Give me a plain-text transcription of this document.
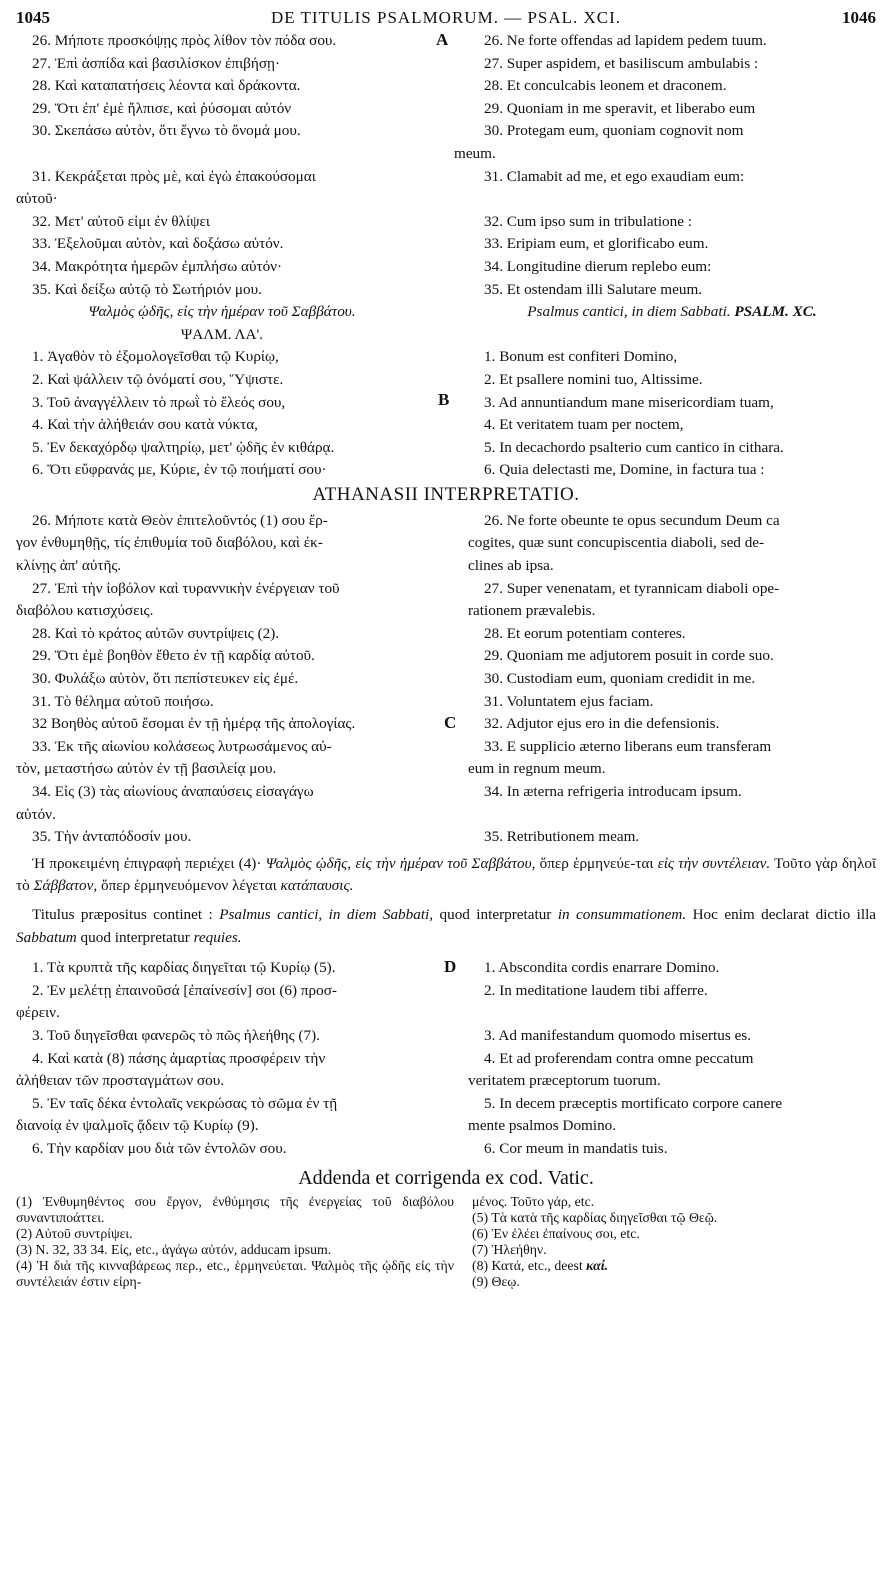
1045	DE TITULIS PSALMORUM. — PSAL. XCI.	1046
A
26. Μήποτε προσκόψῃς πρὸς λίθον τὸν πόδα σου.
27. Ἐπὶ ἀσπίδα καὶ βασιλίσκον ἐπιβήσῃ·
28. Καὶ καταπατήσεις λέοντα καὶ δράκοντα.
29. Ὅτι ἐπ' ἐμὲ ἤλπισε, καὶ ῥύσομαι αὐτόν
30. Σκεπάσω αὐτὸν, ὅτι ἔγνω τὸ ὄνομά μου.

31. Κεκράξεται πρὸς μὲ, καὶ ἐγὼ ἐπακούσομαι
αὐτοῦ·
32. Μετ' αὐτοῦ εἰμι ἐν θλίψει
33. Ἐξελοῦμαι αὐτὸν, καὶ δοξάσω αὐτόν.
34. Μακρότητα ἡμερῶν ἐμπλήσω αὐτόν·
35. Καὶ δείξω αὐτῷ τὸ Σωτήριόν μου.
26. Ne forte offendas ad lapidem pedem tuum.
27. Super aspidem, et basiliscum ambulabis :
28. Et conculcabis leonem et draconem.
29. Quoniam in me speravit, et liberabo eum
30. Protegam eum, quoniam cognovit nom
meum.
31. Clamabit ad me, et ego exaudiam eum:

32. Cum ipso sum in tribulatione :
33. Eripiam eum, et glorificabo eum.
34. Longitudine dierum replebo eum:
35. Et ostendam illi Salutare meum.
Ψαλμὸς ᾠδῆς, εἰς τὴν ἡμέραν τοῦ Σαββάτου.
ΨΑΛΜ. ΛΑ'.
Psalmus cantici, in diem Sabbati. PSALM. XC.
B
1. Ἀγαθὸν τὸ ἐξομολογεῖσθαι τῷ Κυρίῳ,
2. Καὶ ψάλλειν τῷ ὀνόματί σου, Ὕψιστε.
3. Τοῦ ἀναγγέλλειν τὸ πρωῒ τὸ ἔλεός σου,
4. Καὶ τὴν ἀλήθειάν σου κατὰ νύκτα,
5. Ἐν δεκαχόρδῳ ψαλτηρίῳ, μετ' ᾠδῆς ἐν κιθάρᾳ.
6. Ὅτι εὔφρανάς με, Κύριε, ἐν τῷ ποιήματί σου·
1. Bonum est confiteri Domino,
2. Et psallere nomini tuo, Altissime.
3. Ad annuntiandum mane misericordiam tuam,
4. Et veritatem tuam per noctem,
5. In decachordo psalterio cum cantico in cithara.
6. Quia delectasti me, Domine, in factura tua :
ATHANASII INTERPRETATIO.
C
26. Μήποτε κατὰ Θεὸν ἐπιτελοῦντός (1) σου ἔρ-
γον ἐνθυμηθῇς, τίς ἐπιθυμία τοῦ διαβόλου, καὶ ἐκ-
κλίνῃς ἀπ' αὐτῆς.
27. Ἐπὶ τὴν ἰοβόλον καὶ τυραννικὴν ἐνέργειαν τοῦ
διαβόλου κατισχύσεις.
28. Καὶ τὸ κράτος αὐτῶν συντρίψεις (2).
29. Ὅτι ἐμὲ βοηθὸν ἔθετο ἐν τῇ καρδίᾳ αὐτοῦ.
30. Φυλάξω αὐτὸν, ὅτι πεπίστευκεν εἰς ἐμέ.
31. Τὸ θέλημα αὐτοῦ ποιήσω.
32 Βοηθὸς αὐτοῦ ἔσομαι ἐν τῇ ἡμέρᾳ τῆς ἀπολογίας.
33. Ἐκ τῆς αἰωνίου κολάσεως λυτρωσάμενος αὐ-
τὸν, μεταστήσω αὐτὸν ἐν τῇ βασιλείᾳ μου.
34. Εἰς (3) τὰς αἰωνίους ἀναπαύσεις εἰσαγάγω
αὐτόν.
35. Τὴν ἀνταπόδοσίν μου.
26. Ne forte obeunte te opus secundum Deum ca
cogites, quæ sunt concupiscentia diaboli, sed de-
clines ab ipsa.
27. Super venenatam, et tyrannicam diaboli ope-
rationem prævalebis.
28. Et eorum potentiam conteres.
29. Quoniam me adjutorem posuit in corde suo.
30. Custodiam eum, quoniam credidit in me.
31. Voluntatem ejus faciam.
32. Adjutor ejus ero in die defensionis.
33. E supplicio æterno liberans eum transferam
eum in regnum meum.
34. In æterna refrigeria introducam ipsum.

35. Retributionem meam.
Ἡ προκειμένη ἐπιγραφὴ περιέχει (4)· Ψαλμὸς ᾠδῆς, εἰς τὴν ἡμέραν τοῦ Σαββάτου, ὅπερ ἑρμηνεύε-ται εἰς τὴν συντέλειαν. Τοῦτο γὰρ δηλοῖ τὸ Σάββατον, ὅπερ ἑρμηνευόμενον λέγεται κατάπαυσις.
Titulus præpositus continet : Psalmus cantici, in diem Sabbati, quod interpretatur in consummationem. Hoc enim declarat dictio illa Sabbatum quod interpretatur requies.
D
1. Τὰ κρυπτὰ τῆς καρδίας διηγεῖται τῷ Κυρίῳ (5).
2. Ἐν μελέτῃ ἐπαινοῦσά [ἐπαίνεσίν] σοι (6) προσ-
φέρειν.
3. Τοῦ διηγεῖσθαι φανερῶς τὸ πῶς ἠλεήθης (7).
4. Καὶ κατὰ (8) πάσης ἁμαρτίας προσφέρειν τὴν
ἀλήθειαν τῶν προσταγμάτων σου.
5. Ἐν ταῖς δέκα ἐντολαῖς νεκρώσας τὸ σῶμα ἐν τῇ
διανοίᾳ ἐν ψαλμοῖς ᾄδειν τῷ Κυρίῳ (9).
6. Τὴν καρδίαν μου διὰ τῶν ἐντολῶν σου.
1. Abscondita cordis enarrare Domino.
2. In meditatione laudem tibi afferre.

3. Ad manifestandum quomodo misertus es.
4. Et ad proferendam contra omne peccatum
veritatem præceptorum tuorum.
5. In decem præceptis mortificato corpore canere
mente psalmos Domino.
6. Cor meum in mandatis tuis.
Addenda et corrigenda ex cod. Vatic.
(1) Ἐνθυμηθέντος σου ἔργον, ἐνθύμησις τῆς ἐνεργείας τοῦ διαβόλου συναντιποάττει.
(2) Αὐτοῦ συντρίψει.
(3) N. 32, 33 34. Εἰς, etc., ἀγάγω αὐτόν, adducam ipsum.
(4) Ἡ διὰ τῆς κινναβάρεως περ., etc., ἑρμηνεύεται. Ψαλμὸς τῆς ᾠδῆς εἰς τὴν συντέλειάν ἐστιν εἰρη-
μένος. Τοῦτο γάρ, etc.
(5) Τὰ κατὰ τῆς καρδίας διηγεῖσθαι τῷ Θεῷ.
(6) Ἐν ἐλέει ἐπαίνους σοι, etc.
(7) Ἠλεήθην.
(8) Κατά, etc., deest καί.
(9) Θεῳ.
